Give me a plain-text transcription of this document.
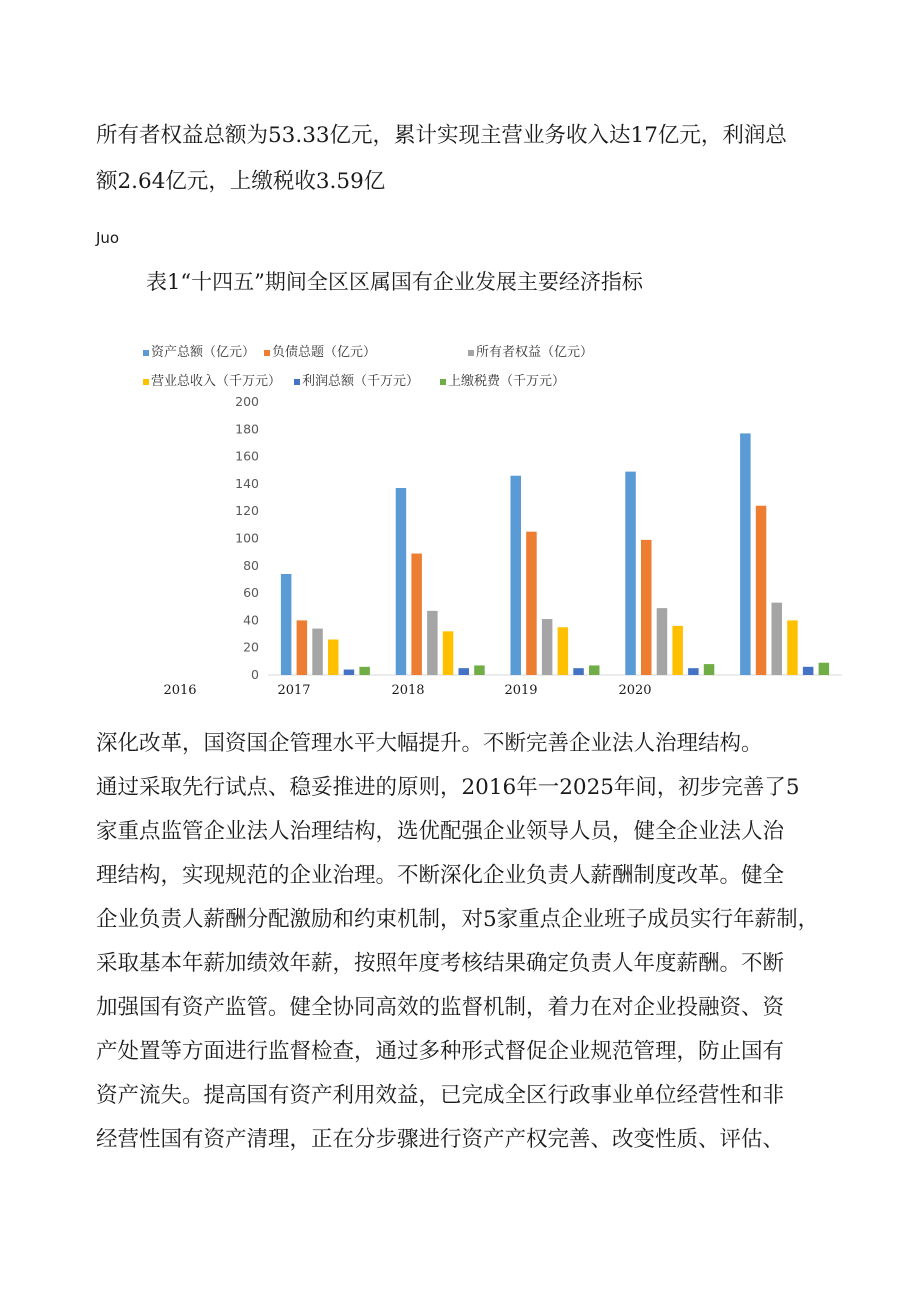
所有者权益总额为53.33亿元，累计实现主营业务收入达17亿元，利润总
额2.64亿元，上缴税收3.59亿
Juo
表1“十四五”期间全区区属国有企业发展主要经济指标
资产总额（亿元） 负债总题（亿元）	所有者权益（亿元）
营业总收入（千万元） 利润总额（千万元） 上缴税费（千万元）
200
180
160
140
120
100
80
60
40
20
0
2016	2017	2018	2019	2020
深化改革，国资国企管理水平大幅提升。不断完善企业法人治理结构。
通过采取先行试点、稳妥推进的原则，2016年一2025年间，初步完善了5
家重点监管企业法人治理结构，选优配强企业领导人员，健全企业法人治
理结构，实现规范的企业治理。不断深化企业负责人薪酬制度改革。健全
企业负责人薪酬分配激励和约束机制，对5家重点企业班子成员实行年薪制，
采取基本年薪加绩效年薪，按照年度考核结果确定负责人年度薪酬。不断
加强国有资产监管。健全协同高效的监督机制，着力在对企业投融资、资
产处置等方面进行监督检查，通过多种形式督促企业规范管理，防止国有
资产流失。提高国有资产利用效益，已完成全区行政事业单位经营性和非
经营性国有资产清理，正在分步骤进行资产产权完善、改变性质、评估、
